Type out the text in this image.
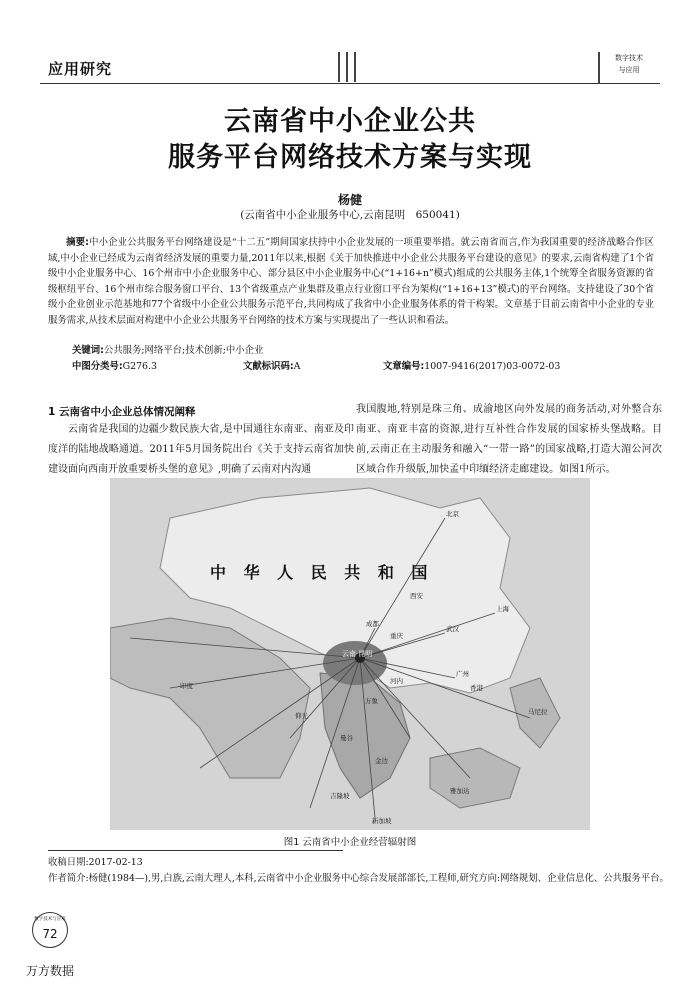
应用研究
数字技术
与应用
云南省中小企业公共
服务平台网络技术方案与实现
杨健
(云南省中小企业服务中心,云南昆明　650041)
摘要:中小企业公共服务平台网络建设是“十二五”期间国家扶持中小企业发展的一项重要举措。就云南省而言,作为我国重要的经济战略合作区域,中小企业已经成为云南省经济发展的重要力量,2011年以来,根据《关于加快推进中小企业公共服务平台建设的意见》的要求,云南省构建了1个省级中小企业服务中心、16个州市中小企业服务中心、部分县区中小企业服务中心(“1+16+n”模式)组成的公共服务主体,1个统筹全省服务资源的省级枢纽平台、16个州市综合服务窗口平台、13个省级重点产业集群及重点行业窗口平台为架构(“1+16+13”模式)的平台网络。支持建设了30个省级小企业创业示范基地和77个省级中小企业公共服务示范平台,共同构成了我省中小企业服务体系的骨干构架。文章基于目前云南省中小企业的专业服务需求,从技术层面对构建中小企业公共服务平台网络的技术方案与实现提出了一些认识和看法。
关键词:公共服务;网络平台;技术创新;中小企业
中图分类号:G276.3	文献标识码:A	文章编号:1007-9416(2017)03-0072-03
1 云南省中小企业总体情况阐释
云南省是我国的边疆少数民族大省,是中国通往东南亚、南亚及印度洋的陆地战略通道。2011年5月国务院出台《关于支持云南省加快建设面向西南开放重要桥头堡的意见》,明确了云南对内沟通
我国腹地,特别是珠三角、成渝地区向外发展的商务活动,对外整合东南亚、南亚丰富的资源,进行互补性合作发展的国家桥头堡战略。目前,云南正在主动服务和融入“一带一路”的国家战略,打造大湄公河次区域合作升级版,加快孟中印缅经济走廊建设。如图1所示。
中 华 人 民 共 和 国
云南·昆明
北京
上海
成都
重庆
武汉
广州
香港
西安
印度
曼谷
河内
万象
仰光
金边
新加坡
吉隆坡
雅加达
马尼拉
图1 云南省中小企业经营辐射图
收稿日期:2017-02-13
作者简介:杨健(1984—),男,白族,云南大理人,本科,云南省中小企业服务中心综合发展部部长,工程师,研究方向:网络规划、企业信息化、公共服务平台。
数字技术与应用
72
万方数据
